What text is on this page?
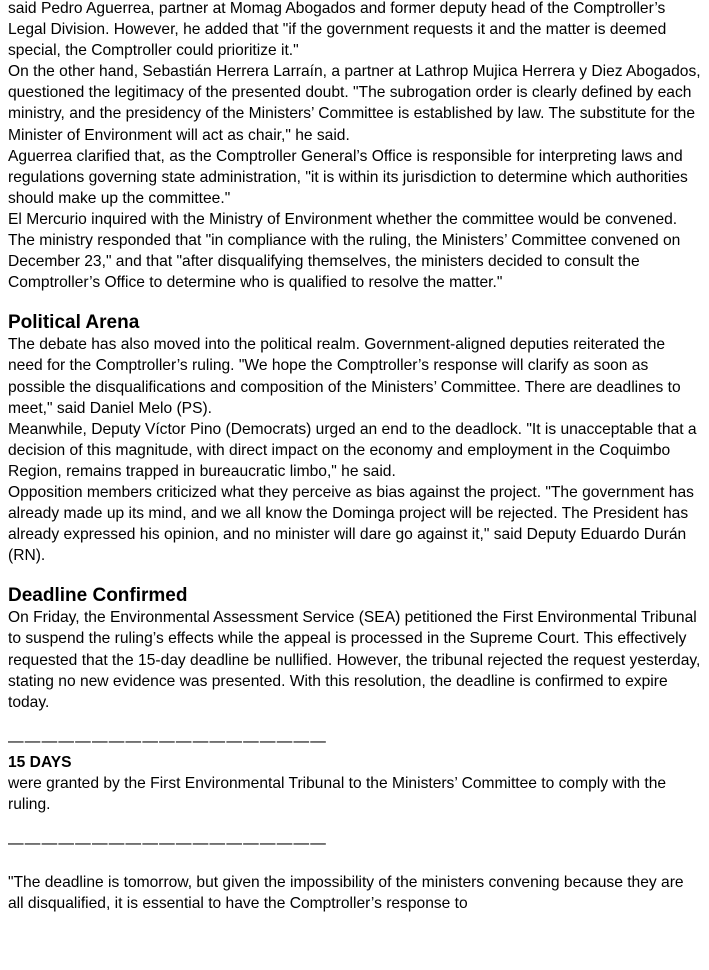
said Pedro Aguerrea, partner at Momag Abogados and former deputy head of the Comptroller’s Legal Division. However, he added that "if the government requests it and the matter is deemed special, the Comptroller could prioritize it."

On the other hand, Sebastián Herrera Larraín, a partner at Lathrop Mujica Herrera y Diez Abogados, questioned the legitimacy of the presented doubt. "The subrogation order is clearly defined by each ministry, and the presidency of the Ministers’ Committee is established by law. The substitute for the Minister of Environment will act as chair," he said.

Aguerrea clarified that, as the Comptroller General’s Office is responsible for interpreting laws and regulations governing state administration, "it is within its jurisdiction to determine which authorities should make up the committee."

El Mercurio inquired with the Ministry of Environment whether the committee would be convened. The ministry responded that "in compliance with the ruling, the Ministers’ Committee convened on December 23," and that "after disqualifying themselves, the ministers decided to consult the Comptroller’s Office to determine who is qualified to resolve the matter."

Political Arena

The debate has also moved into the political realm. Government-aligned deputies reiterated the need for the Comptroller’s ruling. "We hope the Comptroller’s response will clarify as soon as possible the disqualifications and composition of the Ministers’ Committee. There are deadlines to meet," said Daniel Melo (PS).

Meanwhile, Deputy Víctor Pino (Democrats) urged an end to the deadlock. "It is unacceptable that a decision of this magnitude, with direct impact on the economy and employment in the Coquimbo Region, remains trapped in bureaucratic limbo," he said.

Opposition members criticized what they perceive as bias against the project. "The government has already made up its mind, and we all know the Dominga project will be rejected. The President has already expressed his opinion, and no minister will dare go against it," said Deputy Eduardo Durán (RN).

Deadline Confirmed

On Friday, the Environmental Assessment Service (SEA) petitioned the First Environmental Tribunal to suspend the ruling’s effects while the appeal is processed in the Supreme Court. This effectively requested that the 15-day deadline be nullified. However, the tribunal rejected the request yesterday, stating no new evidence was presented. With this resolution, the deadline is confirmed to expire today.

———————————————————
15 DAYS

were granted by the First Environmental Tribunal to the Ministers’ Committee to comply with the ruling.

———————————————————

"The deadline is tomorrow, but given the impossibility of the ministers convening because they are all disqualified, it is essential to have the Comptroller’s response to
